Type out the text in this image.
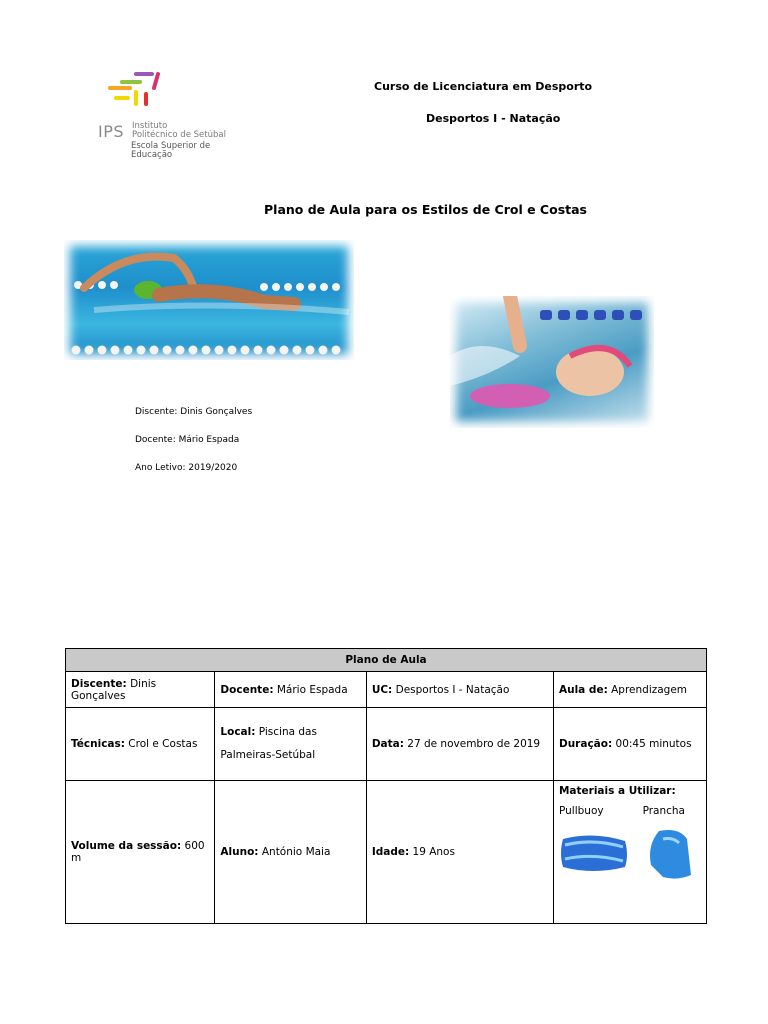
IPS Instituto
Politécnico de Setúbal
Escola Superior de
Educação
Curso de Licenciatura em Desporto
Desportos I - Natação
Plano de Aula para os Estilos de Crol e Costas
Discente: Dinis Gonçalves
Docente: Mário Espada
Ano Letivo: 2019/2020
Plano de Aula			
Discente: Dinis Gonçalves	Docente: Mário Espada	UC: Desportos I - Natação	Aula de: Aprendizagem
Técnicas: Crol e Costas	Local: Piscina das Palmeiras-Setúbal	Data: 27 de novembro de 2019	Duração: 00:45 minutos
Volume da sessão: 600 m	Aluno: António Maia	Idade: 19 Anos	Materiais a Utilizar:
Pullbuoy Prancha
